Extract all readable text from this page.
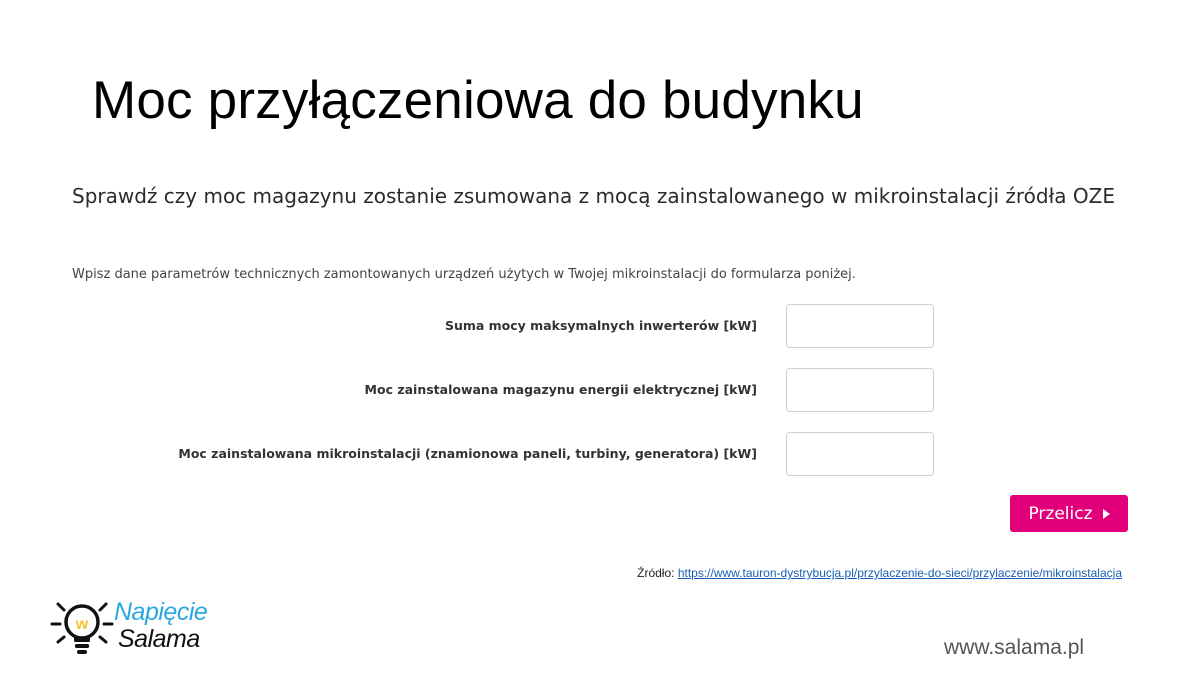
Moc przyłączeniowa do budynku
Sprawdź czy moc magazynu zostanie zsumowana z mocą zainstalowanego w mikroinstalacji źródła OZE

Wpisz dane parametrów technicznych zamontowanych urządzeń użytych w Twojej mikroinstalacji do formularza poniżej.

Suma mocy maksymalnych inwerterów [kW]
Moc zainstalowana magazynu energii elektrycznej [kW]
Moc zainstalowana mikroinstalacji (znamionowa paneli, turbiny, generatora) [kW]
Przelicz
Źródło: https://www.tauron-dystrybucja.pl/przylaczenie-do-sieci/przylaczenie/mikroinstalacja
w Napięcie
Salama	www.salama.pl
